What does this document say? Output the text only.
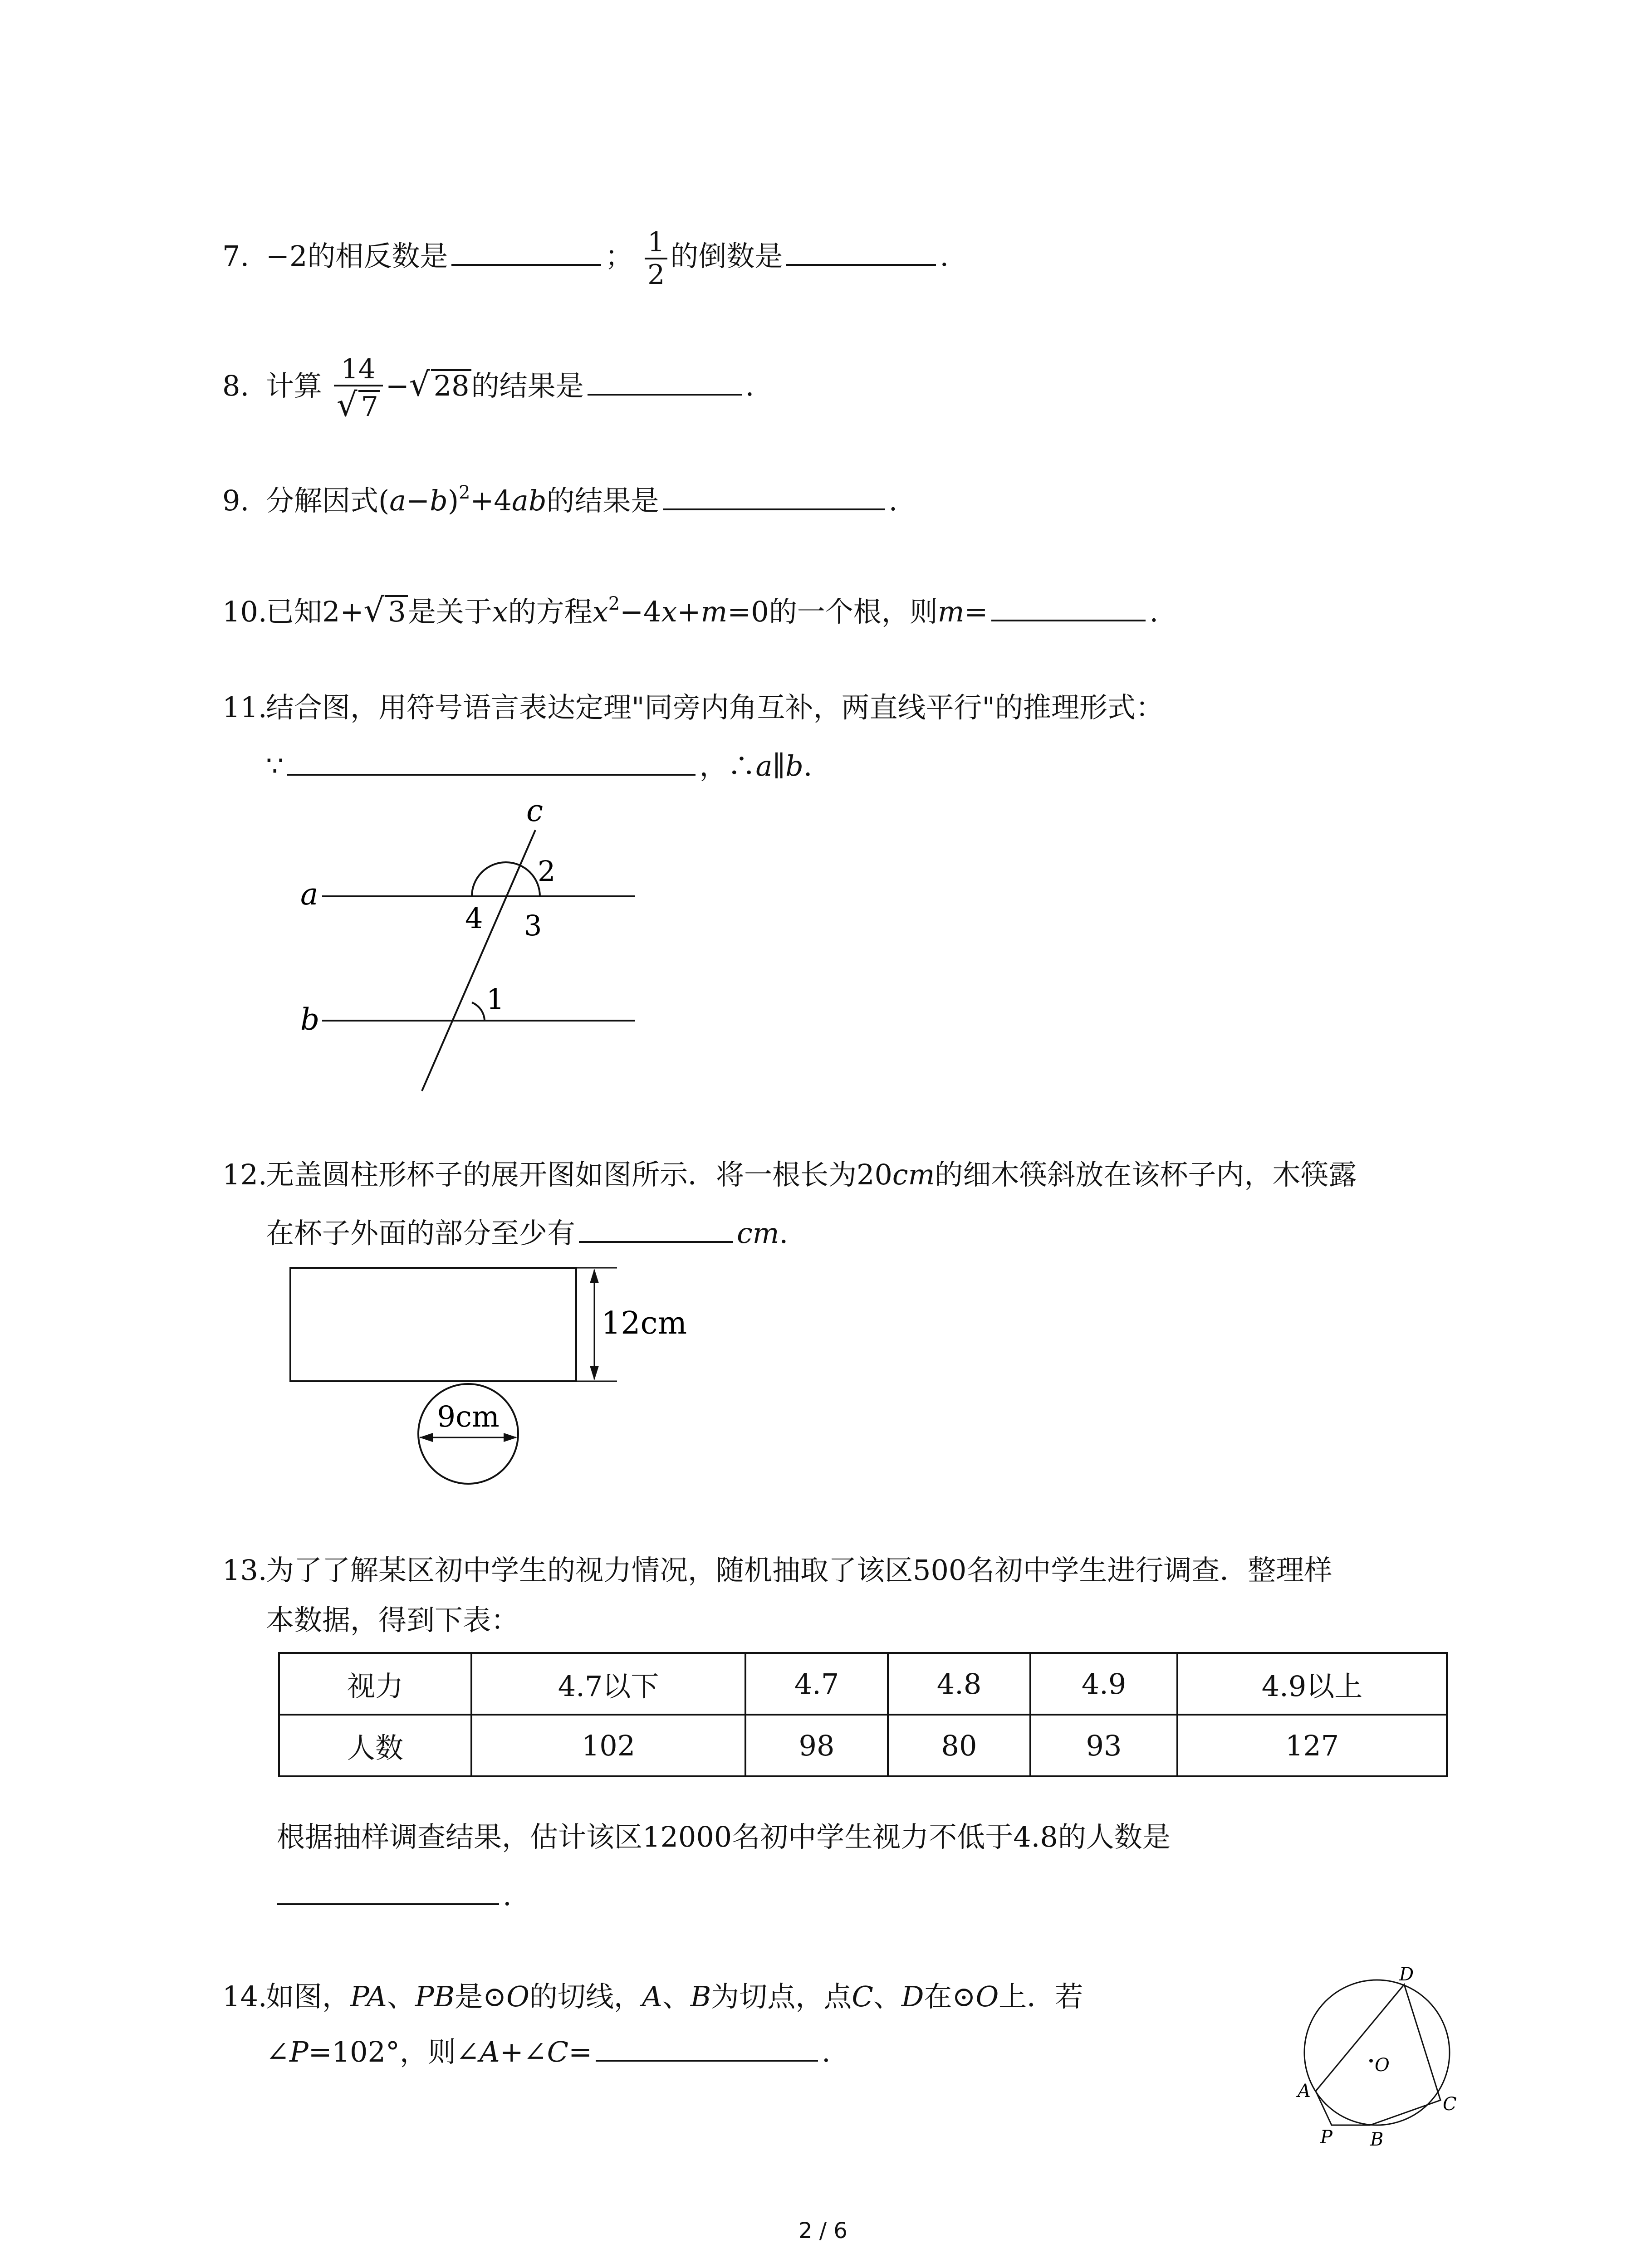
7. −2的相反数是	； $\frac{1}{2}$ 的倒数是	.
8. 计算 $\frac{14}{√ 7}$ −√ 28的结果是	.
9. 分解因式$(a-b)^2+4ab$的结果是	.
10.已知2+√ 3是关于x的方程$x^2-4x+m=0$的一个根，则m=	.
11.结合图，用符号语言表达定理"同旁内角互补，两直线平行"的推理形式：
∵	，∴a∥b.
a
b
c
2
4 3
1
12.无盖圆柱形杯子的展开图如图所示．将一根长为20cm的细木筷斜放在该杯子内，木筷露
在杯子外面的部分至少有	cm.
12cm
9cm
13.为了了解某区初中学生的视力情况，随机抽取了该区500名初中学生进行调查．整理样
本数据，得到下表：
视力	4.7以下	4.7	4.8	4.9	4.9以上
人数	102	98	80	93	127
根据抽样调查结果，估计该区12000名初中学生视力不低于4.8的人数是
.
14.如图，PA、PB是⊙O的切线，A、B为切点，点C、D在⊙O上．若
∠P=102°，则∠A+∠C=	.
D
O
A
C
P B
2 / 6
